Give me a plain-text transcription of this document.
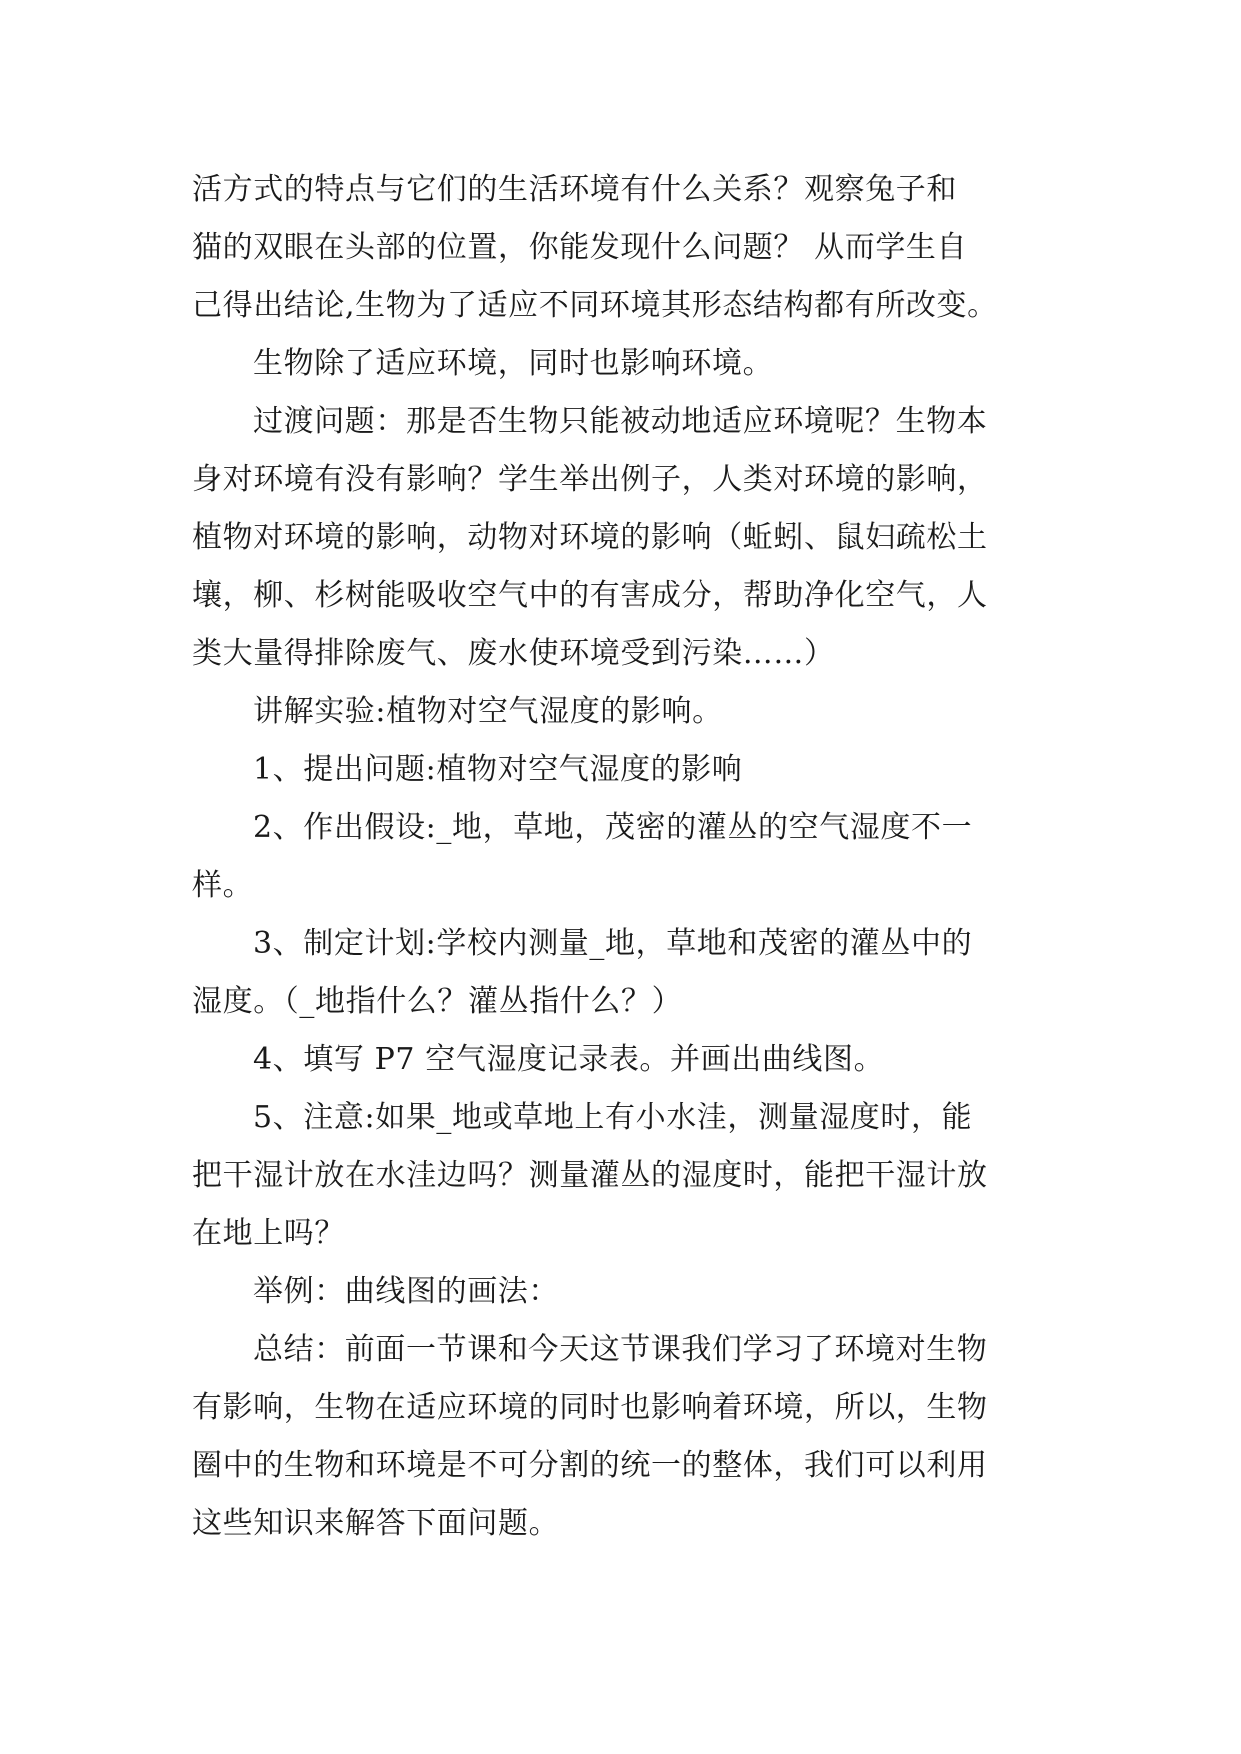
活方式的特点与它们的生活环境有什么关系？观察兔子和
猫的双眼在头部的位置，你能发现什么问题？ 从而学生自
己得出结论,生物为了适应不同环境其形态结构都有所改变。
生物除了适应环境，同时也影响环境。
过渡问题：那是否生物只能被动地适应环境呢？生物本
身对环境有没有影响？学生举出例子，人类对环境的影响，
植物对环境的影响，动物对环境的影响（蚯蚓、鼠妇疏松土
壤，柳、杉树能吸收空气中的有害成分，帮助净化空气，人
类大量得排除废气、废水使环境受到污染……）
讲解实验:植物对空气湿度的影响。
1、提出问题:植物对空气湿度的影响
2、作出假设:_地，草地，茂密的灌丛的空气湿度不一
样。
3、制定计划:学校内测量_地，草地和茂密的灌丛中的
湿度。（_地指什么？灌丛指什么？）
4、填写 P7 空气湿度记录表。并画出曲线图。
5、注意:如果_地或草地上有小水洼，测量湿度时，能
把干湿计放在水洼边吗？测量灌丛的湿度时，能把干湿计放
在地上吗？
举例：曲线图的画法：
总结：前面一节课和今天这节课我们学习了环境对生物
有影响，生物在适应环境的同时也影响着环境，所以，生物
圈中的生物和环境是不可分割的统一的整体，我们可以利用
这些知识来解答下面问题。
